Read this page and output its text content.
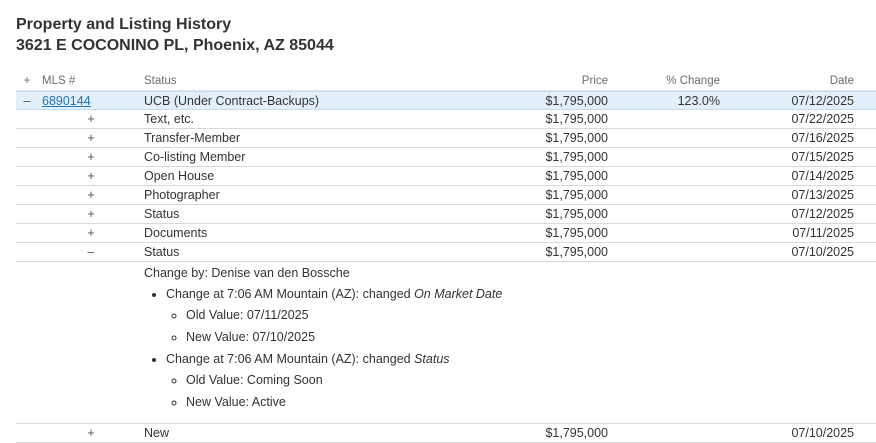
Property and Listing History
3621 E COCONINO PL, Phoenix, AZ 85044
+ MLS #	Status	Price	% Change	Date
– 6890144	UCB (Under Contract-Backups)	$1,795,000	123.0%	07/12/2025
+	Text, etc.	$1,795,000	07/22/2025
+	Transfer-Member	$1,795,000	07/16/2025
+	Co-listing Member	$1,795,000	07/15/2025
+	Open House	$1,795,000	07/14/2025
+	Photographer	$1,795,000	07/13/2025
+	Status	$1,795,000	07/12/2025
+	Documents	$1,795,000	07/11/2025
–	Status	$1,795,000	07/10/2025
Change by: Denise van den Bossche
• Change at 7:06 AM Mountain (AZ): changed On Market Date
◦ Old Value: 07/11/2025
◦ New Value: 07/10/2025
• Change at 7:06 AM Mountain (AZ): changed Status
◦ Old Value: Coming Soon
◦ New Value: Active
+	New	$1,795,000	07/10/2025
